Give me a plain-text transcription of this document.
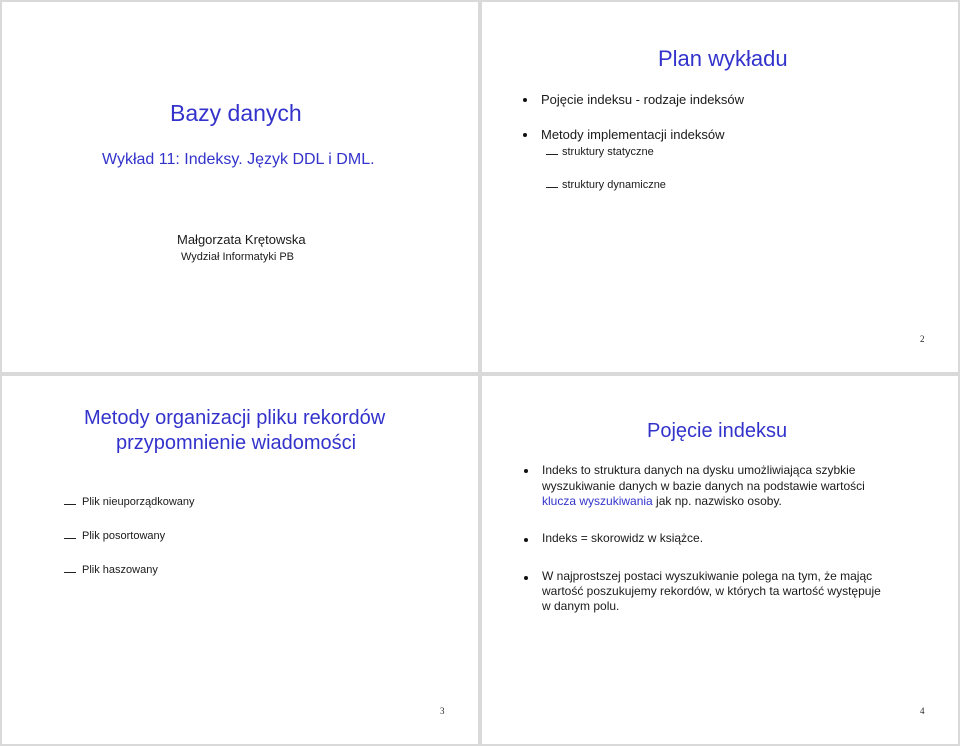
Bazy danych
Wykład 11: Indeksy. Język DDL i DML.
Małgorzata Krętowska
Wydział Informatyki PB
Plan wykładu
Pojęcie indeksu - rodzaje indeksów
Metody implementacji indeksów
struktury statyczne
struktury dynamiczne
2
Metody organizacji pliku rekordów
przypomnienie wiadomości
Plik nieuporządkowany
Plik posortowany
Plik haszowany
3
Pojęcie indeksu
Indeks to struktura danych na dysku umożliwiająca szybkie
wyszukiwanie danych w bazie danych na podstawie wartości
klucza wyszukiwania jak np. nazwisko osoby.
Indeks = skorowidz w książce.
W najprostszej postaci wyszukiwanie polega na tym, że mając
wartość poszukujemy rekordów, w których ta wartość występuje
w danym polu.
4
